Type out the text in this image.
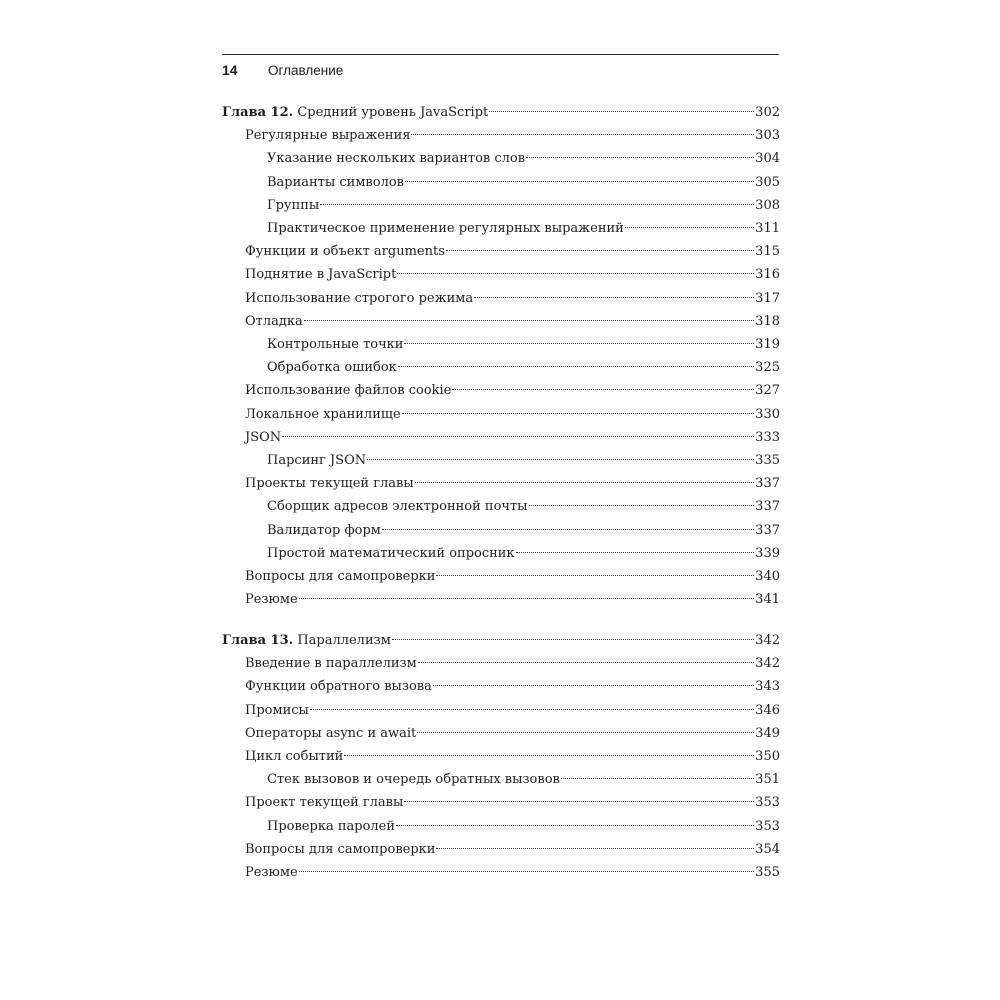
14	Оглавление
Глава 12. Средний уровень JavaScript	302
Регулярные выражения	303
Указание нескольких вариантов слов	304
Варианты символов	305
Группы	308
Практическое применение регулярных выражений	311
Функции и объект arguments	315
Поднятие в JavaScript	316
Использование строгого режима	317
Отладка	318
Контрольные точки	319
Обработка ошибок	325
Использование файлов cookie	327
Локальное хранилище	330
JSON	333
Парсинг JSON	335
Проекты текущей главы	337
Сборщик адресов электронной почты	337
Валидатор форм	337
Простой математический опросник	339
Вопросы для самопроверки	340
Резюме	341
Глава 13. Параллелизм	342
Введение в параллелизм	342
Функции обратного вызова	343
Промисы	346
Операторы async и await	349
Цикл событий	350
Стек вызовов и очередь обратных вызовов	351
Проект текущей главы	353
Проверка паролей	353
Вопросы для самопроверки	354
Резюме	355
